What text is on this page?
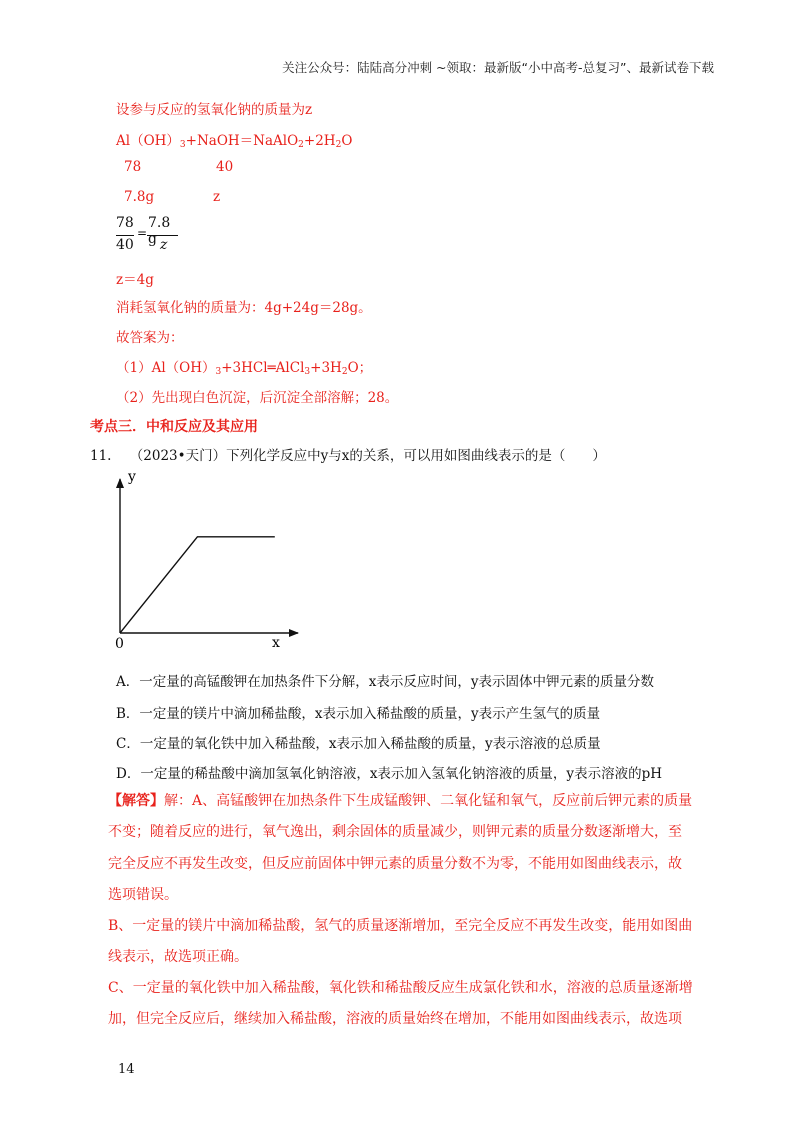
关注公众号：陆陆高分冲刺 ~领取：最新版“小中高考-总复习”、最新试卷下载
设参与反应的氢氧化钠的质量为z
$Al(OH)_3+NaOH=NaAlO_2+2H_2O$
78	40
7.8g	z
78
40
=
7.8 g z
z＝4g
消耗氢氧化钠的质量为：4g+24g＝28g。
故答案为：
$(1)Al(OH)_3+3HCl═AlCl_3+3H_2O$；
（2）先出现白色沉淀，后沉淀全部溶解；28。
考点三．中和反应及其应用
11. （2023•天门）下列化学反应中y与x的关系，可以用如图曲线表示的是（　　）
y
x
0
A．一定量的高锰酸钾在加热条件下分解，x表示反应时间，y表示固体中钾元素的质量分数
B．一定量的镁片中滴加稀盐酸，x表示加入稀盐酸的质量，y表示产生氢气的质量
C．一定量的氧化铁中加入稀盐酸，x表示加入稀盐酸的质量，y表示溶液的总质量
D．一定量的稀盐酸中滴加氢氧化钠溶液，x表示加入氢氧化钠溶液的质量，y表示溶液的pH
【解答】解：A、高锰酸钾在加热条件下生成锰酸钾、二氧化锰和氧气，反应前后钾元素的质量
不变；随着反应的进行，氧气逸出，剩余固体的质量减少，则钾元素的质量分数逐渐增大，至
完全反应不再发生改变，但反应前固体中钾元素的质量分数不为零，不能用如图曲线表示，故
选项错误。
B、一定量的镁片中滴加稀盐酸，氢气的质量逐渐增加，至完全反应不再发生改变，能用如图曲
线表示，故选项正确。
C、一定量的氧化铁中加入稀盐酸，氧化铁和稀盐酸反应生成氯化铁和水，溶液的总质量逐渐增
加，但完全反应后，继续加入稀盐酸，溶液的质量始终在增加，不能用如图曲线表示，故选项
14
